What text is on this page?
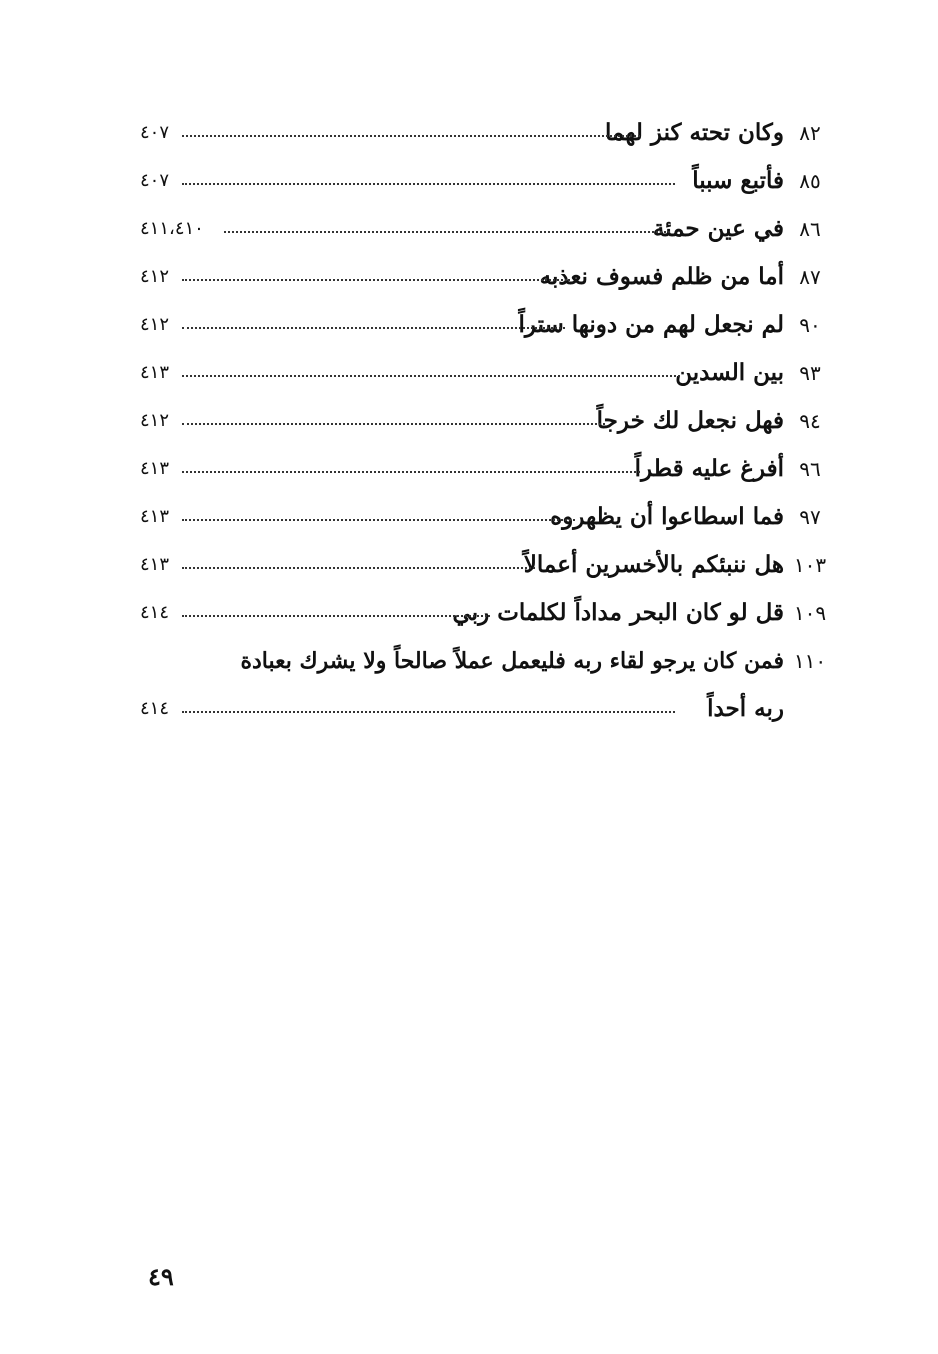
٨٢
وكان تحته كنز لهما
٤٠٧
٨٥
فأتبع سبباً
٤٠٧
٨٦
في عين حمئة
٤١١،٤١٠
٨٧
أما من ظلم فسوف نعذبه
٤١٢
٩٠
لم نجعل لهم من دونها ستراً
٤١٢
٩٣
بين السدين
٤١٣
٩٤
فهل نجعل لك خرجاً
٤١٢
٩٦
أفرغ عليه قطراً
٤١٣
٩٧
فما اسطاعوا أن يظهروه
٤١٣
١٠٣
هل ننبئكم بالأخسرين أعمالاً
٤١٣
١٠٩
قل لو كان البحر مداداً لكلمات ربي
٤١٤
١١٠
فمن كان يرجو لقاء ربه فليعمل عملاً صالحاً ولا يشرك بعبادة
ربه أحداً
٤١٤
٤٩
